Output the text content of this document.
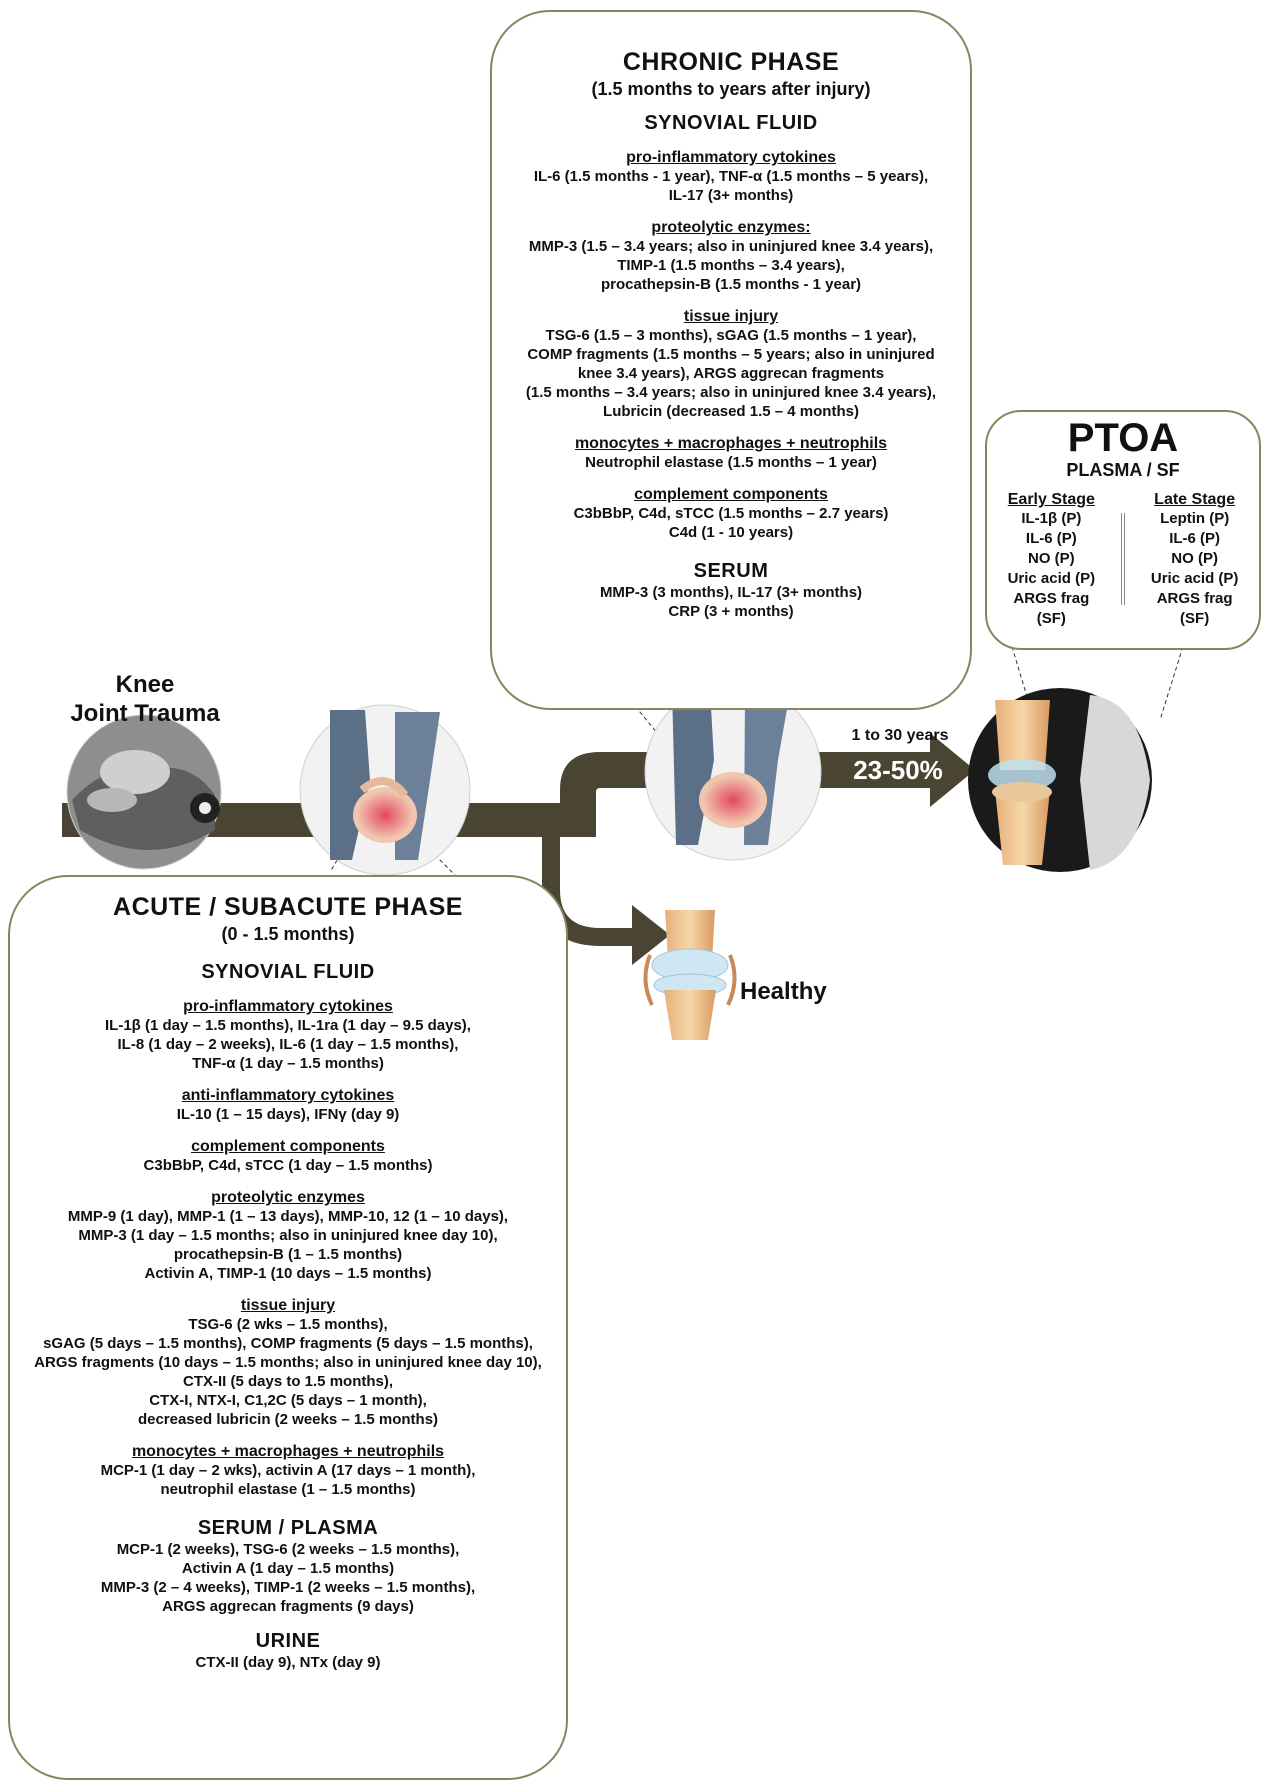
CHRONIC PHASE
(1.5 months to years after injury)
SYNOVIAL FLUID
pro-inflammatory cytokines
IL-6 (1.5 months - 1 year), TNF-α (1.5 months – 5 years),
IL-17 (3+ months)
proteolytic enzymes:
MMP-3 (1.5 – 3.4 years; also in uninjured knee 3.4 years),
TIMP-1 (1.5 months – 3.4 years),
procathepsin-B (1.5 months - 1 year)
tissue injury
TSG-6 (1.5 – 3 months), sGAG (1.5 months – 1 year),
COMP fragments (1.5 months – 5 years; also in uninjured
knee 3.4 years), ARGS aggrecan fragments
(1.5 months – 3.4 years; also in uninjured knee 3.4 years),
Lubricin (decreased 1.5 – 4 months)
monocytes + macrophages + neutrophils
Neutrophil elastase (1.5 months – 1 year)
complement components
C3bBbP, C4d, sTCC (1.5 months – 2.7 years)
C4d (1 - 10 years)
SERUM
MMP-3 (3 months), IL-17 (3+ months)
CRP (3 + months)
PTOA
PLASMA / SF
Early Stage
IL-1β (P)
IL-6 (P)
NO (P)
Uric acid (P)
ARGS frag
(SF)
Late Stage
Leptin (P)
IL-6 (P)
NO (P)
Uric acid (P)
ARGS frag
(SF)
Knee
Joint Trauma
1 to 30 years
23-50%
Healthy
ACUTE / SUBACUTE PHASE
(0 - 1.5 months)
SYNOVIAL FLUID
pro-inflammatory cytokines
IL-1β (1 day – 1.5 months), IL-1ra (1 day – 9.5 days),
IL-8 (1 day – 2 weeks), IL-6 (1 day – 1.5 months),
TNF-α (1 day – 1.5 months)
anti-inflammatory cytokines
IL-10 (1 – 15 days), IFNγ (day 9)
complement components
C3bBbP, C4d, sTCC (1 day – 1.5 months)
proteolytic enzymes
MMP-9 (1 day), MMP-1 (1 – 13 days), MMP-10, 12 (1 – 10 days),
MMP-3 (1 day – 1.5 months; also in uninjured knee day 10),
procathepsin-B (1 – 1.5 months)
Activin A, TIMP-1 (10 days – 1.5 months)
tissue injury
TSG-6 (2 wks – 1.5 months),
sGAG (5 days – 1.5 months), COMP fragments (5 days – 1.5 months),
ARGS fragments (10 days – 1.5 months; also in uninjured knee day 10),
CTX-II (5 days to 1.5 months),
CTX-I, NTX-I, C1,2C (5 days – 1 month),
decreased lubricin (2 weeks – 1.5 months)
monocytes + macrophages + neutrophils
MCP-1 (1 day – 2 wks), activin A (17 days – 1 month),
neutrophil elastase (1 – 1.5 months)
SERUM / PLASMA
MCP-1 (2 weeks), TSG-6 (2 weeks – 1.5 months),
Activin A (1 day – 1.5 months)
MMP-3 (2 – 4 weeks), TIMP-1 (2 weeks – 1.5 months),
ARGS aggrecan fragments (9 days)
URINE
CTX-II (day 9), NTx (day 9)
